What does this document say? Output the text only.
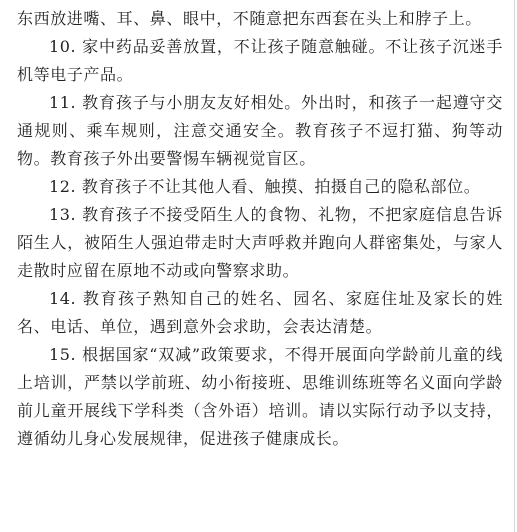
东西放进嘴、耳、鼻、眼中，不随意把东西套在头上和脖子上。

10. 家中药品妥善放置，不让孩子随意触碰。不让孩子沉迷手机等电子产品。

11. 教育孩子与小朋友友好相处。外出时，和孩子一起遵守交通规则、乘车规则，注意交通安全。教育孩子不逗打猫、狗等动物。教育孩子外出要警惕车辆视觉盲区。

12. 教育孩子不让其他人看、触摸、拍摄自己的隐私部位。

13. 教育孩子不接受陌生人的食物、礼物，不把家庭信息告诉陌生人，被陌生人强迫带走时大声呼救并跑向人群密集处，与家人走散时应留在原地不动或向警察求助。

14. 教育孩子熟知自己的姓名、园名、家庭住址及家长的姓名、电话、单位，遇到意外会求助，会表达清楚。

15. 根据国家“双减”政策要求，不得开展面向学龄前儿童的线上培训，严禁以学前班、幼小衔接班、思维训练班等名义面向学龄前儿童开展线下学科类（含外语）培训。请以实际行动予以支持，遵循幼儿身心发展规律，促进孩子健康成长。
